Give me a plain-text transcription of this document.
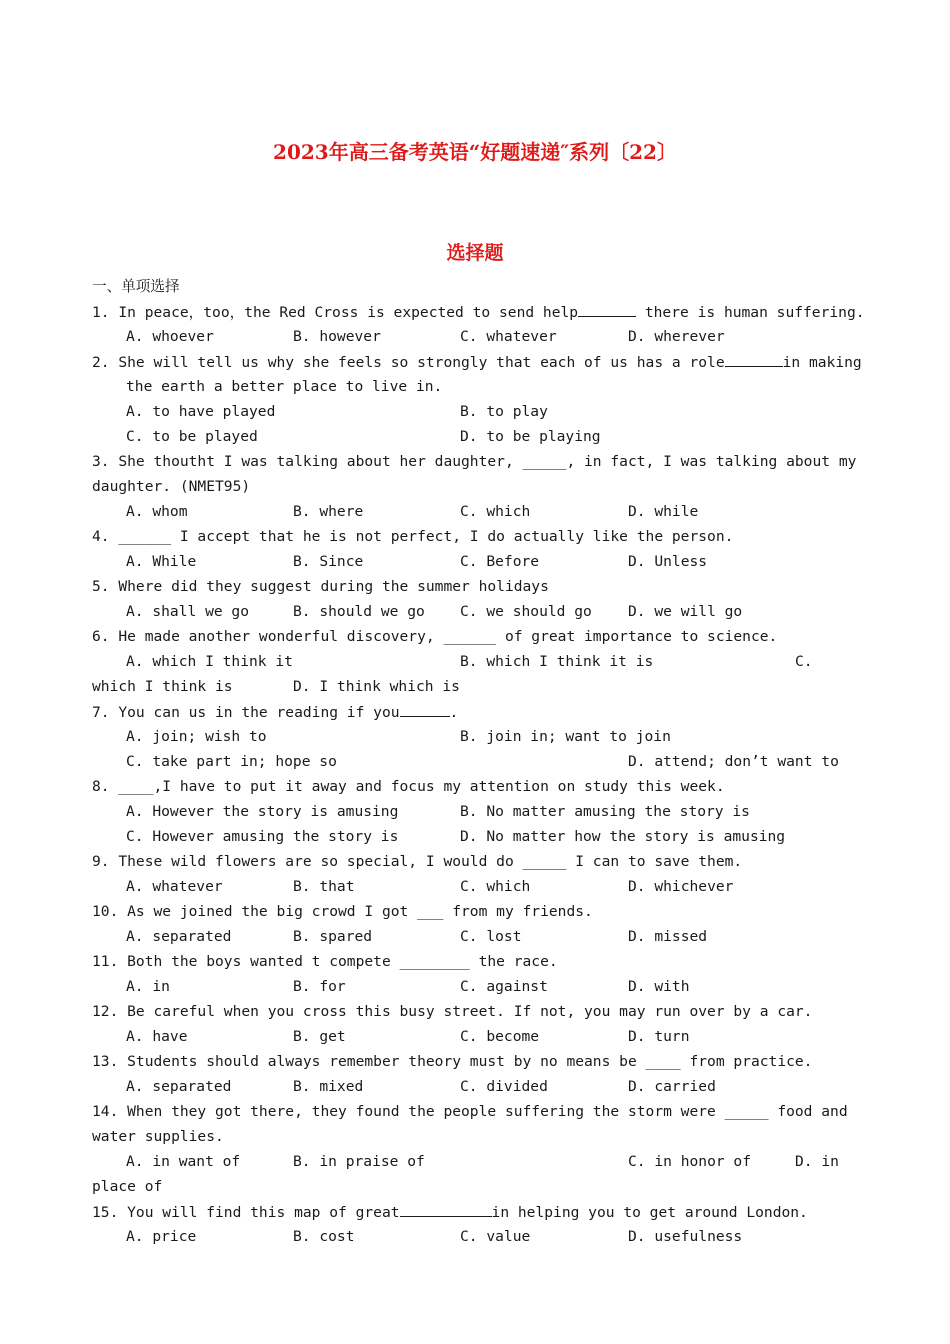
2023年高三备考英语“好题速递″系列〔22〕
选择题
一、单项选择
1. In peace，too，the Red Cross is expected to send help	there is human suffering.
A. whoever	B. however	C. whatever	D. wherever
2. She will tell us why she feels so strongly that each of us has a role	in making
the earth a better place to live in.
A. to have played	B. to play
C. to be played	D. to be playing
3. She thoutht I was talking about her daughter, _____, in fact, I was talking about my
daughter. (NMET95)
A. whom	B. where	C. which	D. while
4. ______ I accept that he is not perfect, I do actually like the person.
A. While	B. Since	C. Before	D. Unless
5. Where did they suggest during the summer holidays
A. shall we go	B. should we go C. we should go D. we will go
6. He made another wonderful discovery, ______ of great importance to science.
A. which I think it	B. which I think it is	C.
which I think is	D. I think which is
7. You can us in the reading if you	.
A. join; wish to	B. join in; want to join
C. take part in; hope so	D. attend; don’t want to
8. ____,I have to put it away and focus my attention on study this week.
A. However the story is amusing	B. No matter amusing the story is
C. However amusing the story is	D. No matter how the story is amusing
9. These wild flowers are so special, I would do _____ I can to save them.
A. whatever	B. that	C. which	D. whichever
10. As we joined the big crowd I got ___ from my friends.
A. separated	B. spared	C. lost	D. missed
11. Both the boys wanted t compete ________ the race.
A. in	B. for	C. against	D. with
12. Be careful when you cross this busy street. If not, you may run over by a car.
A. have	B. get	C. become	D. turn
13. Students should always remember theory must by no means be ____ from practice.
A. separated	B. mixed	C. divided	D. carried
14. When they got there, they found the people suffering the storm were _____ food and
water supplies.
A. in want of	B. in praise of	C. in honor of	D. in
place of
15. You will find this map of great	in helping you to get around London.
A. price	B. cost	C. value	D. usefulness
